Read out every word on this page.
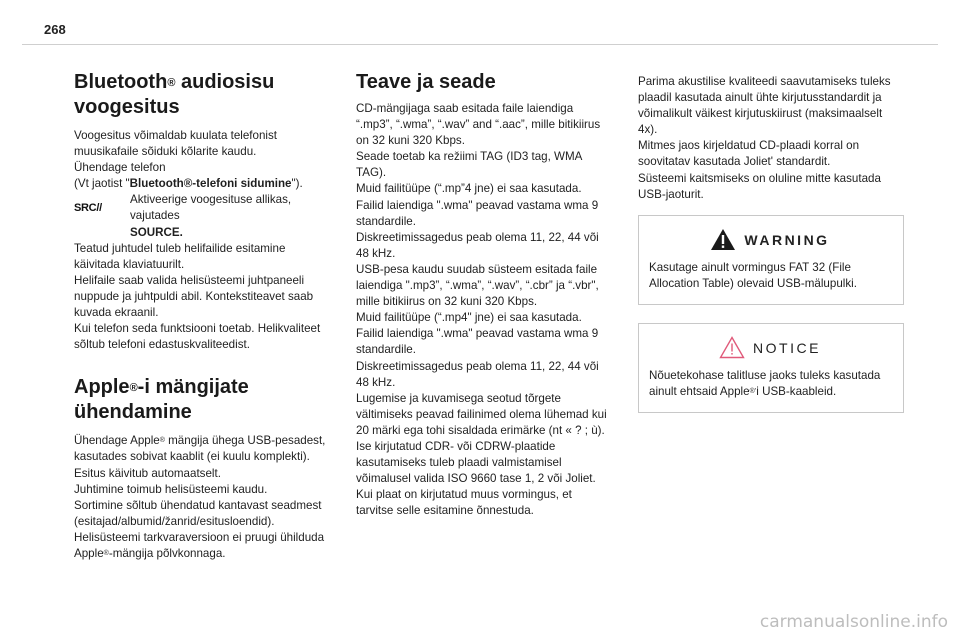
268
Bluetooth® audiosisu
voogesitus

Voogesitus võimaldab kuulata telefonist
muusikafaile sõiduki kõlarite kaudu.
Ühendage telefon
(Vt jaotist "Bluetooth®-telefoni sidumine").

SRC//
Aktiveerige voogesituse allikas, vajutades
SOURCE.

Teatud juhtudel tuleb helifailide esitamine
käivitada klaviatuurilt.
Helifaile saab valida helisüsteemi juhtpaneeli
nuppude ja juhtpuldi abil. Kontekstiteavet saab
kuvada ekraanil.
Kui telefon seda funktsiooni toetab. Helikvaliteet
sõltub telefoni edastuskvaliteedist.

Apple®-i mängijate
ühendamine

Ühendage Apple® mängija ühega USB-pesadest,
kasutades sobivat kaablit (ei kuulu komplekti).
Esitus käivitub automaatselt.
Juhtimine toimub helisüsteemi kaudu.
Sortimine sõltub ühendatud kantavast seadmest
(esitajad/albumid/žanrid/esitusloendid).
Helisüsteemi tarkvaraversioon ei pruugi ühilduda
Apple®-mängija põlvkonnaga.

Teave ja seade

CD-mängijaga saab esitada faile laiendiga
“.mp3”, “.wma”, “.wav” and “.aac”, mille bitikiirus
on 32 kuni 320 Kbps.
Seade toetab ka režiimi TAG (ID3 tag, WMA
TAG).
Muid failitüüpe (“.mp”4 jne) ei saa kasutada.
Failid laiendiga ".wma" peavad vastama wma 9
standardile.
Diskreetimissagedus peab olema 11, 22, 44 või
48 kHz.
USB-pesa kaudu suudab süsteem esitada faile
laiendiga ".mp3”, “.wma”, “.wav”, “.cbr” ja “.vbr",
mille bitikiirus on 32 kuni 320 Kbps.
Muid failitüüpe (“.mp4" jne) ei saa kasutada.
Failid laiendiga ".wma" peavad vastama wma 9
standardile.
Diskreetimissagedus peab olema 11, 22, 44 või
48 kHz.
Lugemise ja kuvamisega seotud tõrgete
vältimiseks peavad failinimed olema lühemad kui
20 märki ega tohi sisaldada erimärke (nt « ? ; ù).
Ise kirjutatud CDR- või CDRW-plaatide
kasutamiseks tuleb plaadi valmistamisel
võimalusel valida ISO 9660 tase 1, 2 või Joliet.
Kui plaat on kirjutatud muus vormingus, et
tarvitse selle esitamine õnnestuda.

Parima akustilise kvaliteedi saavutamiseks tuleks
plaadil kasutada ainult ühte kirjutusstandardit ja
võimalikult väikest kirjutuskiirust (maksimaalselt
4x).
Mitmes jaos kirjeldatud CD-plaadi korral on
soovitatav kasutada Joliet' standardit.
Süsteemi kaitsmiseks on oluline mitte kasutada
USB-jaoturit.

WARNING

Kasutage ainult vormingus FAT 32 (File
Allocation Table) olevaid USB-mälupulki.

NOTICE

Nõuetekohase talitluse jaoks tuleks kasutada
ainult ehtsaid Apple®’i USB-kaableid.

carmanualsonline.info
